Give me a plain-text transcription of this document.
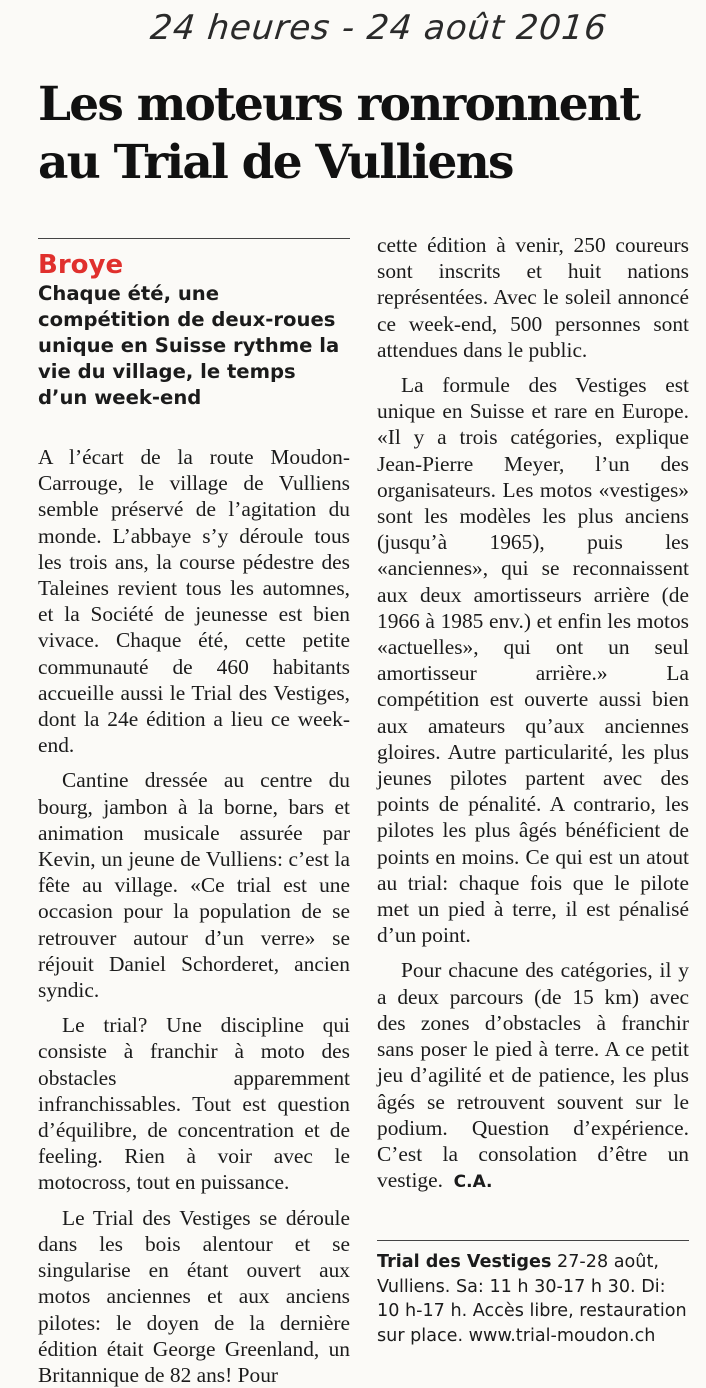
24 heures - 24 août 2016
Les moteurs ronronnent au Trial de Vulliens
Broye

Chaque été, une compétition de deux-roues unique en Suisse rythme la vie du village, le temps d’un week-end

A l’écart de la route Moudon-Carrouge, le village de Vulliens semble préservé de l’agitation du monde. L’abbaye s’y déroule tous les trois ans, la course pédestre des Taleines revient tous les automnes, et la Société de jeunesse est bien vivace. Chaque été, cette petite communauté de 460 habitants accueille aussi le Trial des Vestiges, dont la 24e édition a lieu ce week-end.

Cantine dressée au centre du bourg, jambon à la borne, bars et animation musicale assurée par Kevin, un jeune de Vulliens: c’est la fête au village. «Ce trial est une occasion pour la population de se retrouver autour d’un verre» se réjouit Daniel Schorderet, ancien syndic.

Le trial? Une discipline qui consiste à franchir à moto des obstacles apparemment infranchissables. Tout est question d’équilibre, de concentration et de feeling. Rien à voir avec le motocross, tout en puissance.

Le Trial des Vestiges se déroule dans les bois alentour et se singularise en étant ouvert aux motos anciennes et aux anciens pilotes: le doyen de la dernière édition était George Greenland, un Britannique de 82 ans! Pour

cette édition à venir, 250 coureurs sont inscrits et huit nations représentées. Avec le soleil annoncé ce week-end, 500 personnes sont attendues dans le public.

La formule des Vestiges est unique en Suisse et rare en Europe. «Il y a trois catégories, explique Jean-Pierre Meyer, l’un des organisateurs. Les motos «vestiges» sont les modèles les plus anciens (jusqu’à 1965), puis les «anciennes», qui se reconnaissent aux deux amortisseurs arrière (de 1966 à 1985 env.) et enfin les motos «actuelles», qui ont un seul amortisseur arrière.» La compétition est ouverte aussi bien aux amateurs qu’aux anciennes gloires. Autre particularité, les plus jeunes pilotes partent avec des points de pénalité. A contrario, les pilotes les plus âgés bénéficient de points en moins. Ce qui est un atout au trial: chaque fois que le pilote met un pied à terre, il est pénalisé d’un point.

Pour chacune des catégories, il y a deux parcours (de 15 km) avec des zones d’obstacles à franchir sans poser le pied à terre. A ce petit jeu d’agilité et de patience, les plus âgés se retrouvent souvent sur le podium. Question d’expérience. C’est la consolation d’être un vestige. C.A.

Trial des Vestiges 27-28 août, Vulliens. Sa: 11 h 30-17 h 30. Di: 10 h-17 h. Accès libre, restauration sur place. www.trial-moudon.ch
